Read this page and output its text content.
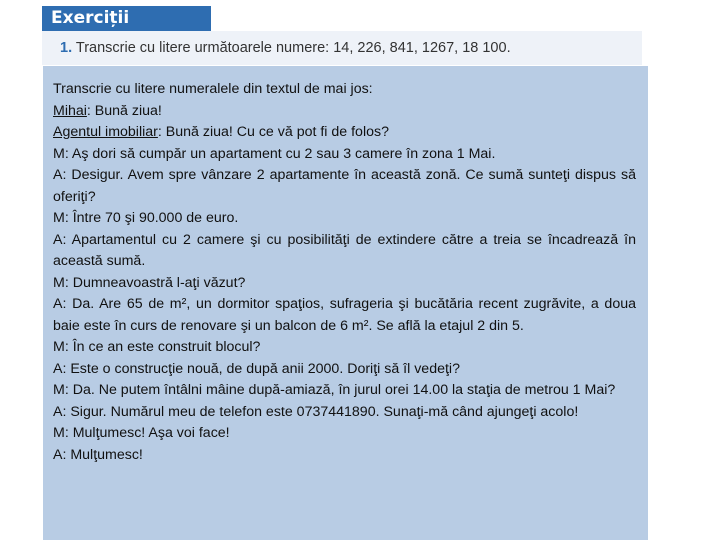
Exerciții
1. Transcrie cu litere următoarele numere: 14, 226, 841, 1267, 18 100.

Transcrie cu litere numeralele din textul de mai jos:

Mihai: Bună ziua!

Agentul imobiliar: Bună ziua! Cu ce vă pot fi de folos?

M: Aş dori să cumpăr un apartament cu 2 sau 3 camere în zona 1 Mai.

A: Desigur. Avem spre vânzare 2 apartamente în această zonă. Ce sumă sunteţi dispus să oferiţi?

M: Între 70 şi 90.000 de euro.

A: Apartamentul cu 2 camere şi cu posibilităţi de extindere către a treia se încadrează în această sumă.

M: Dumneavoastră l-aţi văzut?

A: Da. Are 65 de m², un dormitor spaţios, sufrageria şi bucătăria recent zugrăvite, a doua baie este în curs de renovare şi un balcon de 6 m². Se află la etajul 2 din 5.

M: În ce an este construit blocul?

A: Este o construcţie nouă, de după anii 2000. Doriţi să îl vedeţi?

M: Da. Ne putem întâlni mâine după-amiază, în jurul orei 14.00 la staţia de metrou 1 Mai?

A: Sigur. Numărul meu de telefon este 0737441890. Sunaţi-mă când ajungeţi acolo!

M: Mulţumesc! Aşa voi face!

A: Mulţumesc!
